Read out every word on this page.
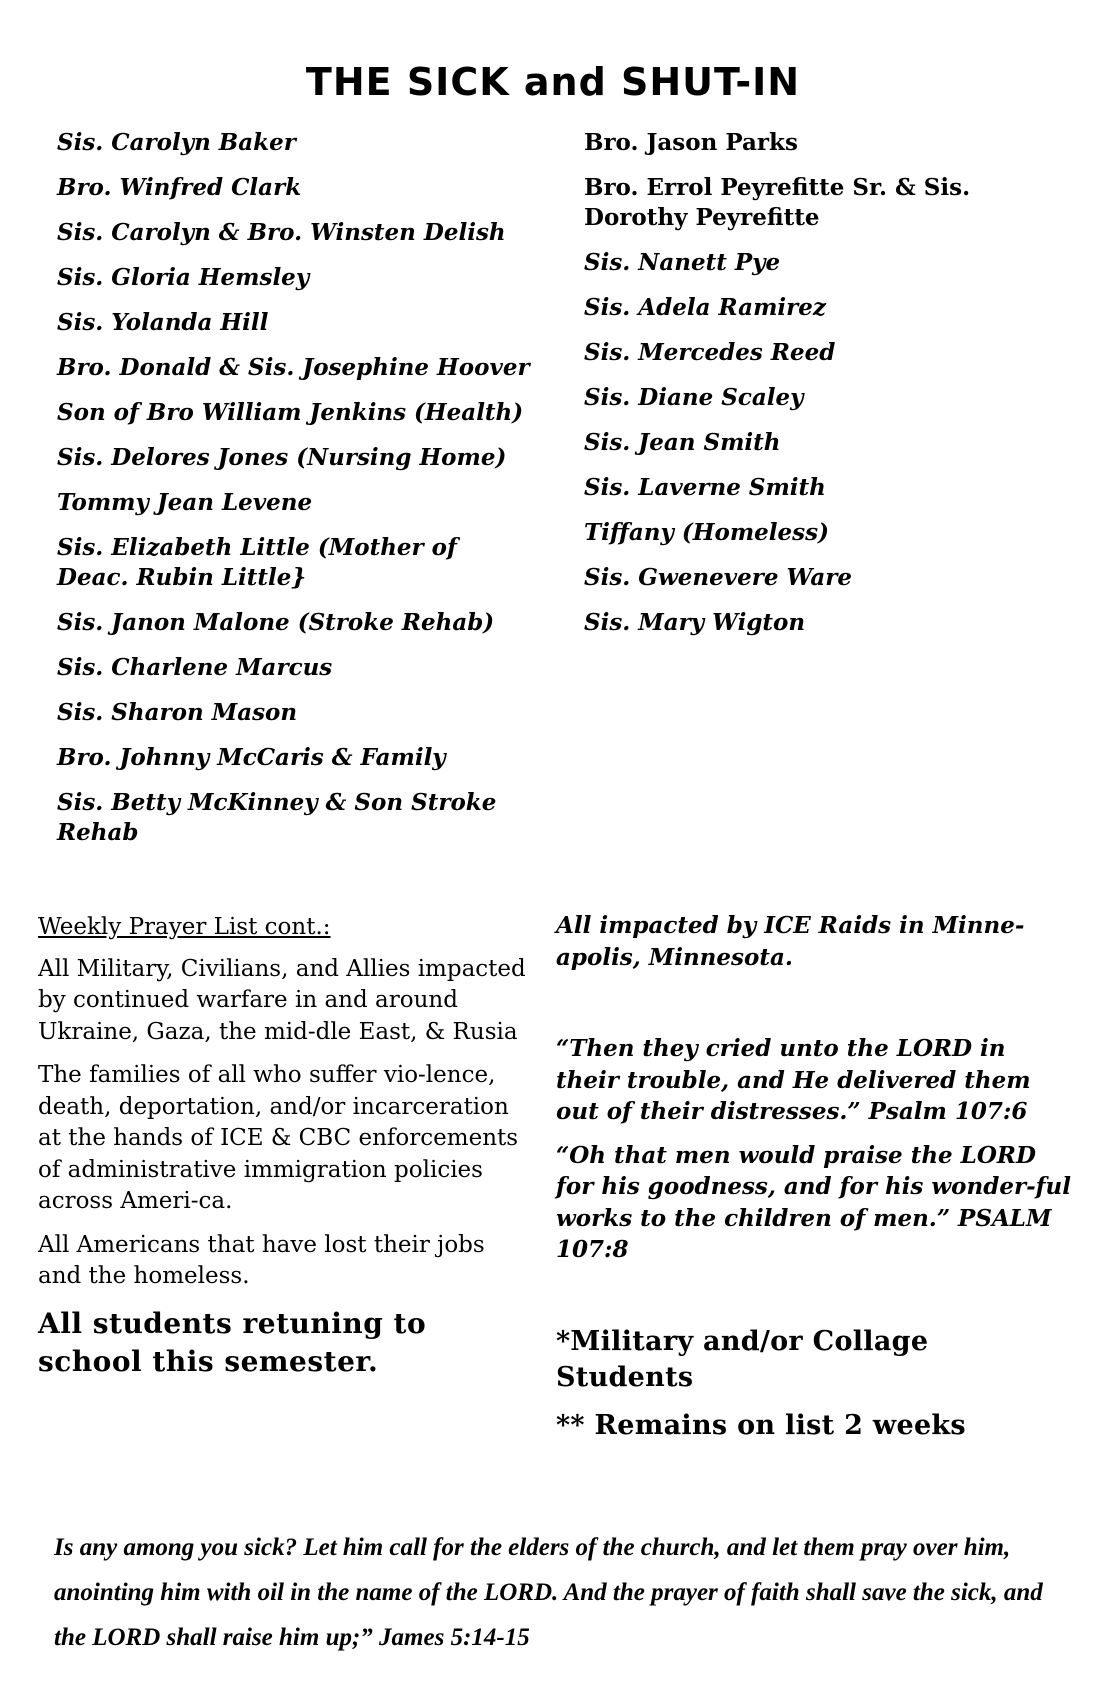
THE SICK and SHUT-IN
Sis. Carolyn Baker
Bro. Winfred Clark
Sis. Carolyn & Bro. Winsten Delish
Sis. Gloria Hemsley
Sis. Yolanda Hill
Bro. Donald & Sis. Josephine Hoover
Son of Bro William Jenkins (Health)
Sis. Delores Jones (Nursing Home)
Tommy Jean Levene
Sis. Elizabeth Little (Mother of Deac. Rubin Little}
Sis. Janon Malone (Stroke Rehab)
Sis. Charlene Marcus
Sis. Sharon Mason
Bro. Johnny McCaris & Family
Sis. Betty McKinney & Son Stroke Rehab
Bro. Jason Parks
Bro. Errol Peyrefitte Sr. & Sis. Dorothy Peyrefitte
Sis. Nanett Pye
Sis. Adela Ramirez
Sis. Mercedes Reed
Sis. Diane Scaley
Sis. Jean Smith
Sis. Laverne Smith
Tiffany (Homeless)
Sis. Gwenevere Ware
Sis. Mary Wigton
Weekly Prayer List cont.:

All Military, Civilians, and Allies impacted by continued warfare in and around Ukraine, Gaza, the mid-dle East, & Rusia

The families of all who suffer vio-lence, death, deportation, and/or incarceration at the hands of ICE & CBC enforcements of administrative immigration policies across Ameri-ca.

All Americans that have lost their jobs and the homeless.

All students retuning to school this semester.

All impacted by ICE Raids in Minne-apolis, Minnesota.

“Then they cried unto the LORD in their trouble, and He delivered them out of their distresses.” Psalm 107:6

“Oh that men would praise the LORD for his goodness, and for his wonder-ful works to the children of men.” PSALM 107:8

*Military and/or Collage Students

** Remains on list 2 weeks

Is any among you sick? Let him call for the elders of the church, and let them pray over him, anointing him with oil in the name of the LORD. And the prayer of faith shall save the sick, and the LORD shall raise him up;” James 5:14-15
